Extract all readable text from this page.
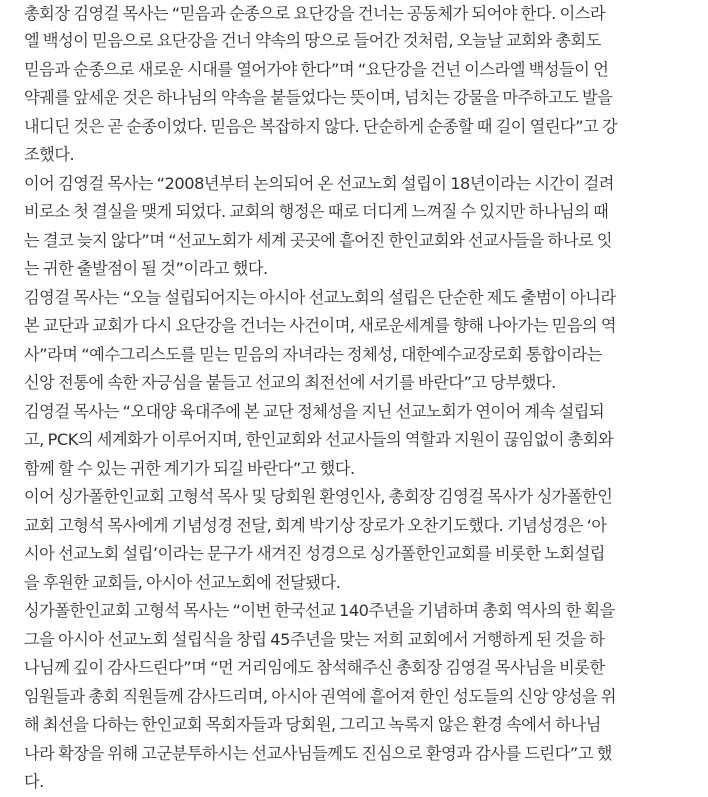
총회장 김영걸 목사는 “믿음과 순종으로 요단강을 건너는 공동체가 되어야 한다. 이스라
엘 백성이 믿음으로 요단강을 건너 약속의 땅으로 들어간 것처럼, 오늘날 교회와 총회도
믿음과 순종으로 새로운 시대를 열어가야 한다”며 “요단강을 건넌 이스라엘 백성들이 언
약궤를 앞세운 것은 하나님의 약속을 붙들었다는 뜻이며, 넘치는 강물을 마주하고도 발을
내디딘 것은 곧 순종이었다. 믿음은 복잡하지 않다. 단순하게 순종할 때 길이 열린다”고 강
조했다.

이어 김영걸 목사는 “2008년부터 논의되어 온 선교노회 설립이 18년이라는 시간이 걸려
비로소 첫 결실을 맺게 되었다. 교회의 행정은 때로 더디게 느껴질 수 있지만 하나님의 때
는 결코 늦지 않다”며 “선교노회가 세계 곳곳에 흩어진 한인교회와 선교사들을 하나로 잇
는 귀한 출발점이 될 것”이라고 했다.

김영걸 목사는 “오늘 설립되어지는 아시아 선교노회의 설립은 단순한 제도 출범이 아니라
본 교단과 교회가 다시 요단강을 건너는 사건이며, 새로운세계를 향해 나아가는 믿음의 역
사”라며 “예수그리스도를 믿는 믿음의 자녀라는 정체성, 대한예수교장로회 통합이라는
신앙 전통에 속한 자긍심을 붙들고 선교의 최전선에 서기를 바란다”고 당부했다.

김영걸 목사는 “오대양 육대주에 본 교단 정체성을 지닌 선교노회가 연이어 계속 설립되
고, PCK의 세계화가 이루어지며, 한인교회와 선교사들의 역할과 지원이 끊임없이 총회와
함께 할 수 있는 귀한 계기가 되길 바란다”고 했다.

이어 싱가폴한인교회 고형석 목사 및 당회원 환영인사, 총회장 김영걸 목사가 싱가폴한인
교회 고형석 목사에게 기념성경 전달, 회계 박기상 장로가 오찬기도했다. 기념성경은 ‘아
시아 선교노회 설립’이라는 문구가 새겨진 성경으로 싱가폴한인교회를 비롯한 노회설립
을 후원한 교회들, 아시아 선교노회에 전달됐다.

싱가폴한인교회 고형석 목사는 “이번 한국선교 140주년을 기념하며 총회 역사의 한 획을
그을 아시아 선교노회 설립식을 창립 45주년을 맞는 저희 교회에서 거행하게 된 것을 하
나님께 깊이 감사드린다”며 “먼 거리임에도 참석해주신 총회장 김영걸 목사님을 비롯한
임원들과 총회 직원들께 감사드리며, 아시아 권역에 흩어져 한인 성도들의 신앙 양성을 위
해 최선을 다하는 한인교회 목회자들과 당회원, 그리고 녹록지 않은 환경 속에서 하나님
나라 확장을 위해 고군분투하시는 선교사님들께도 진심으로 환영과 감사를 드린다”고 했
다.
